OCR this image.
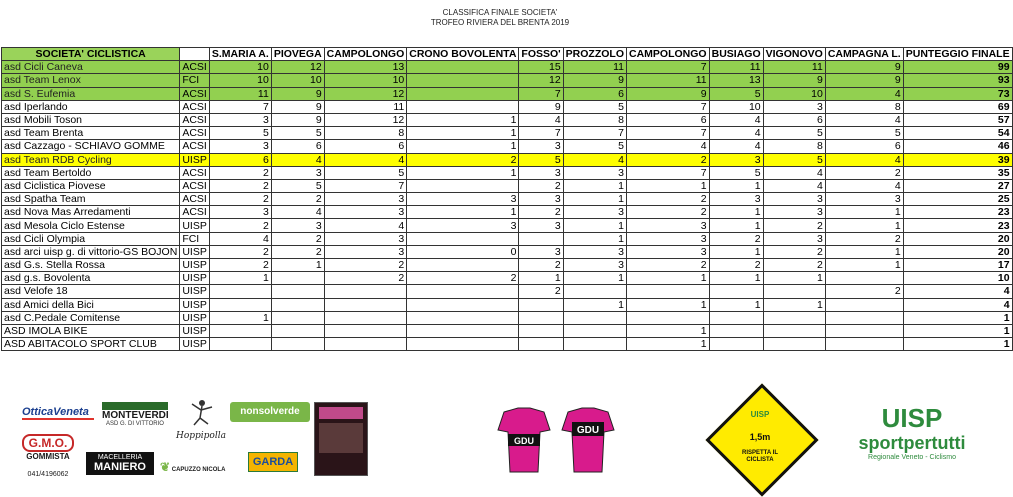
CLASSIFICA FINALE SOCIETA'
TROFEO RIVIERA DEL BRENTA 2019
SOCIETA' CICLISTICA		S.MARIA A.	PIOVEGA	CAMPOLONGO	CRONO BOVOLENTA	FOSSO'	PROZZOLO	CAMPOLONGO	BUSIAGO	VIGONOVO	CAMPAGNA L.	PUNTEGGIO FINALE
asd Cicli Caneva	ACSI	10	12	13		15	11	7	11	11	9	99
asd Team Lenox	FCI	10	10	10		12	9	11	13	9	9	93
asd S. Eufemia	ACSI	11	9	12		7	6	9	5	10	4	73
asd Iperlando	ACSI	7	9	11		9	5	7	10	3	8	69
asd Mobili Toson	ACSI	3	9	12	1	4	8	6	4	6	4	57
asd Team Brenta	ACSI	5	5	8	1	7	7	7	4	5	5	54
asd Cazzago - SCHIAVO GOMME	ACSI	3	6	6	1	3	5	4	4	8	6	46
asd Team RDB Cycling	UISP	6	4	4	2	5	4	2	3	5	4	39
asd Team Bertoldo	ACSI	2	3	5	1	3	3	7	5	4	2	35
asd Ciclistica Piovese	ACSI	2	5	7		2	1	1	1	4	4	27
asd Spatha Team	ACSI	2	2	3	3	3	1	2	3	3	3	25
asd Nova Mas Arredamenti	ACSI	3	4	3	1	2	3	2	1	3	1	23
asd Mesola Ciclo Estense	UISP	2	3	4	3	3	1	3	1	2	1	23
asd Cicli Olympia	FCI	4	2	3			1	3	2	3	2	20
asd arci uisp g. di vittorio-GS BOJON	UISP	2	2	3	0	3	3	3	1	2	1	20
asd G.s. Stella Rossa	UISP	2	1	2		2	3	2	2	2	1	17
asd g.s. Bovolenta	UISP	1		2	2	1	1	1	1	1		10
asd Velofe 18	UISP					2					2	4
asd Amici della Bici	UISP						1	1	1	1		4
asd C.Pedale Comitense	UISP	1										1
ASD IMOLA BIKE	UISP							1				1
ASD ABITACOLO SPORT CLUB	UISP							1				1
OtticaVeneta	MONTEVERDI
ASD G. DI VITTORIO
Hoppipolla
nonsolverde
G.M.O.
GOMMISTA
041/4196062
MACELLERIA
MANIERO	❦ CAPUZZO NICOLA
GARDA
GDU
GDU
UISP
1,5m
RISPETTA IL CICLISTA
UISP
sportpertutti
Regionale Veneto - Ciclismo
